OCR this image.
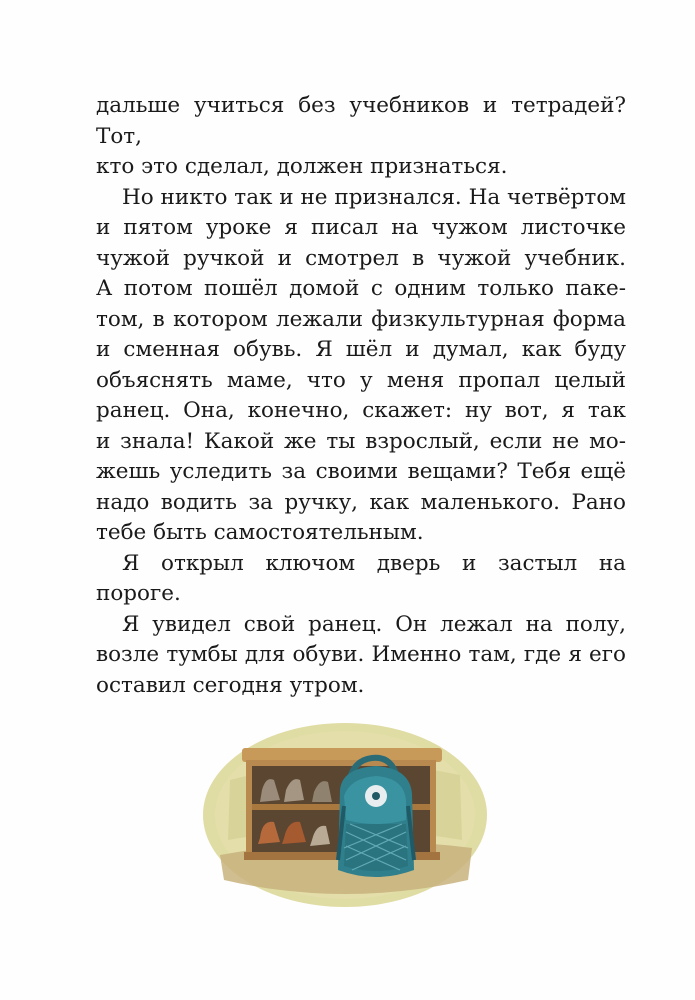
дальше учиться без учебников и тетрадей? Тот,

кто это сделал, должен признаться.

Но никто так и не признался. На четвёртом

и пятом уроке я писал на чужом листочке

чужой ручкой и смотрел в чужой учебник.

А потом пошёл домой с одним только паке-

том, в котором лежали физкультурная форма

и сменная обувь. Я шёл и думал, как буду

объяснять маме, что у меня пропал целый

ранец. Она, конечно, скажет: ну вот, я так

и знала! Какой же ты взрослый, если не мо-

жешь уследить за своими вещами? Тебя ещё

надо водить за ручку, как маленького. Рано

тебе быть самостоятельным.

Я открыл ключом дверь и застыл на пороге.

Я увидел свой ранец. Он лежал на полу,

возле тумбы для обуви. Именно там, где я его

оставил сегодня утром.
